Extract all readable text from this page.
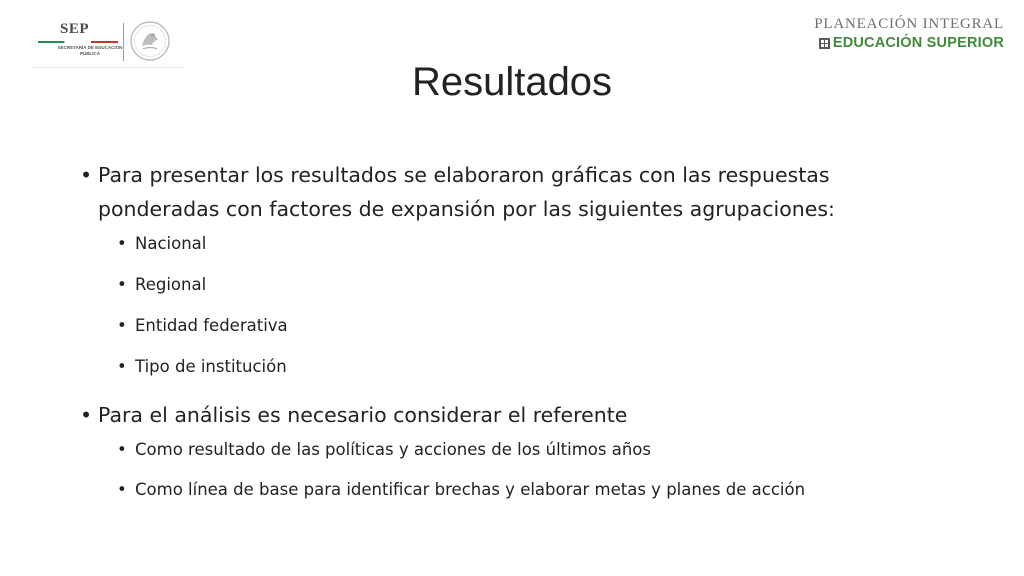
SEP
SECRETARÍA DE EDUCACIÓN PÚBLICA
PLANEACIÓN INTEGRAL
EDUCACIÓN SUPERIOR
Resultados
• Para presentar los resultados se elaboraron gráficas con las respuestas ponderadas con factores de expansión por las siguientes agrupaciones:
• Nacional
• Regional
• Entidad federativa
• Tipo de institución
• Para el análisis es necesario considerar el referente
• Como resultado de las políticas y acciones de los últimos años
• Como línea de base para identificar brechas y elaborar metas y planes de acción
